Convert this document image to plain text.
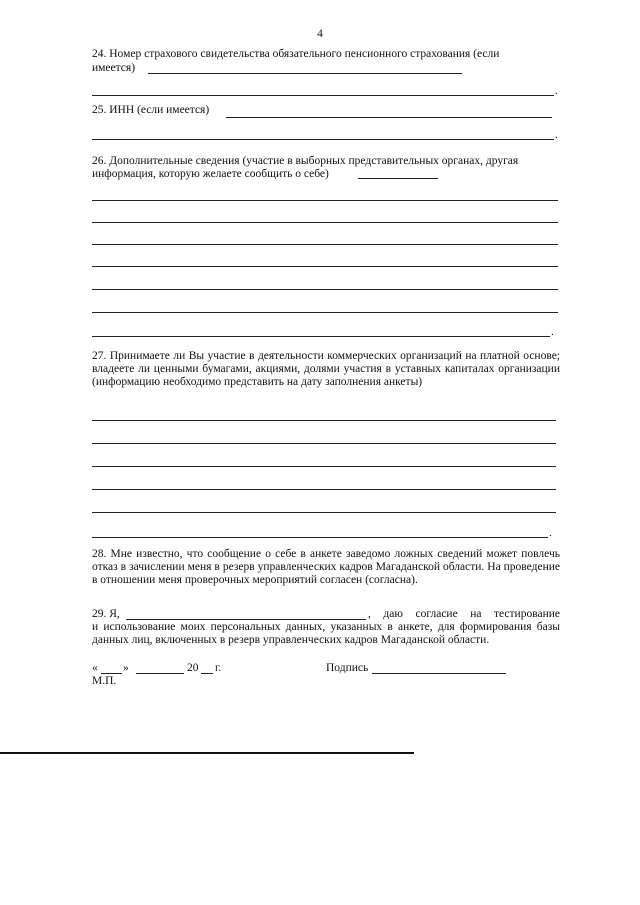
4
24. Номер страхового свидетельства обязательного пенсионного страхования (если
имеется)
.
25. ИНН (если имеется)
.
26. Дополнительные сведения (участие в выборных представительных органах, другая
информация, которую желаете сообщить о себе)
.
27. Принимаете ли Вы участие в деятельности коммерческих организаций на платной основе; владеете ли ценными бумагами, акциями, долями участия в уставных капиталах организации (информацию необходимо представить на дату заполнения анкеты)
.
28. Мне известно, что сообщение о себе в анкете заведомо ложных сведений может повлечь отказ в зачислении меня в резерв управленческих кадров Магаданской области. На проведение в отношении меня проверочных мероприятий согласен (согласна).
29. Я,	, даю согласие на тестирование
и использование моих персональных данных, указанных в анкете, для формирования базы данных лиц, включенных в резерв управленческих кадров Магаданской области.
« »	20 г.	Подпись
М.П.
